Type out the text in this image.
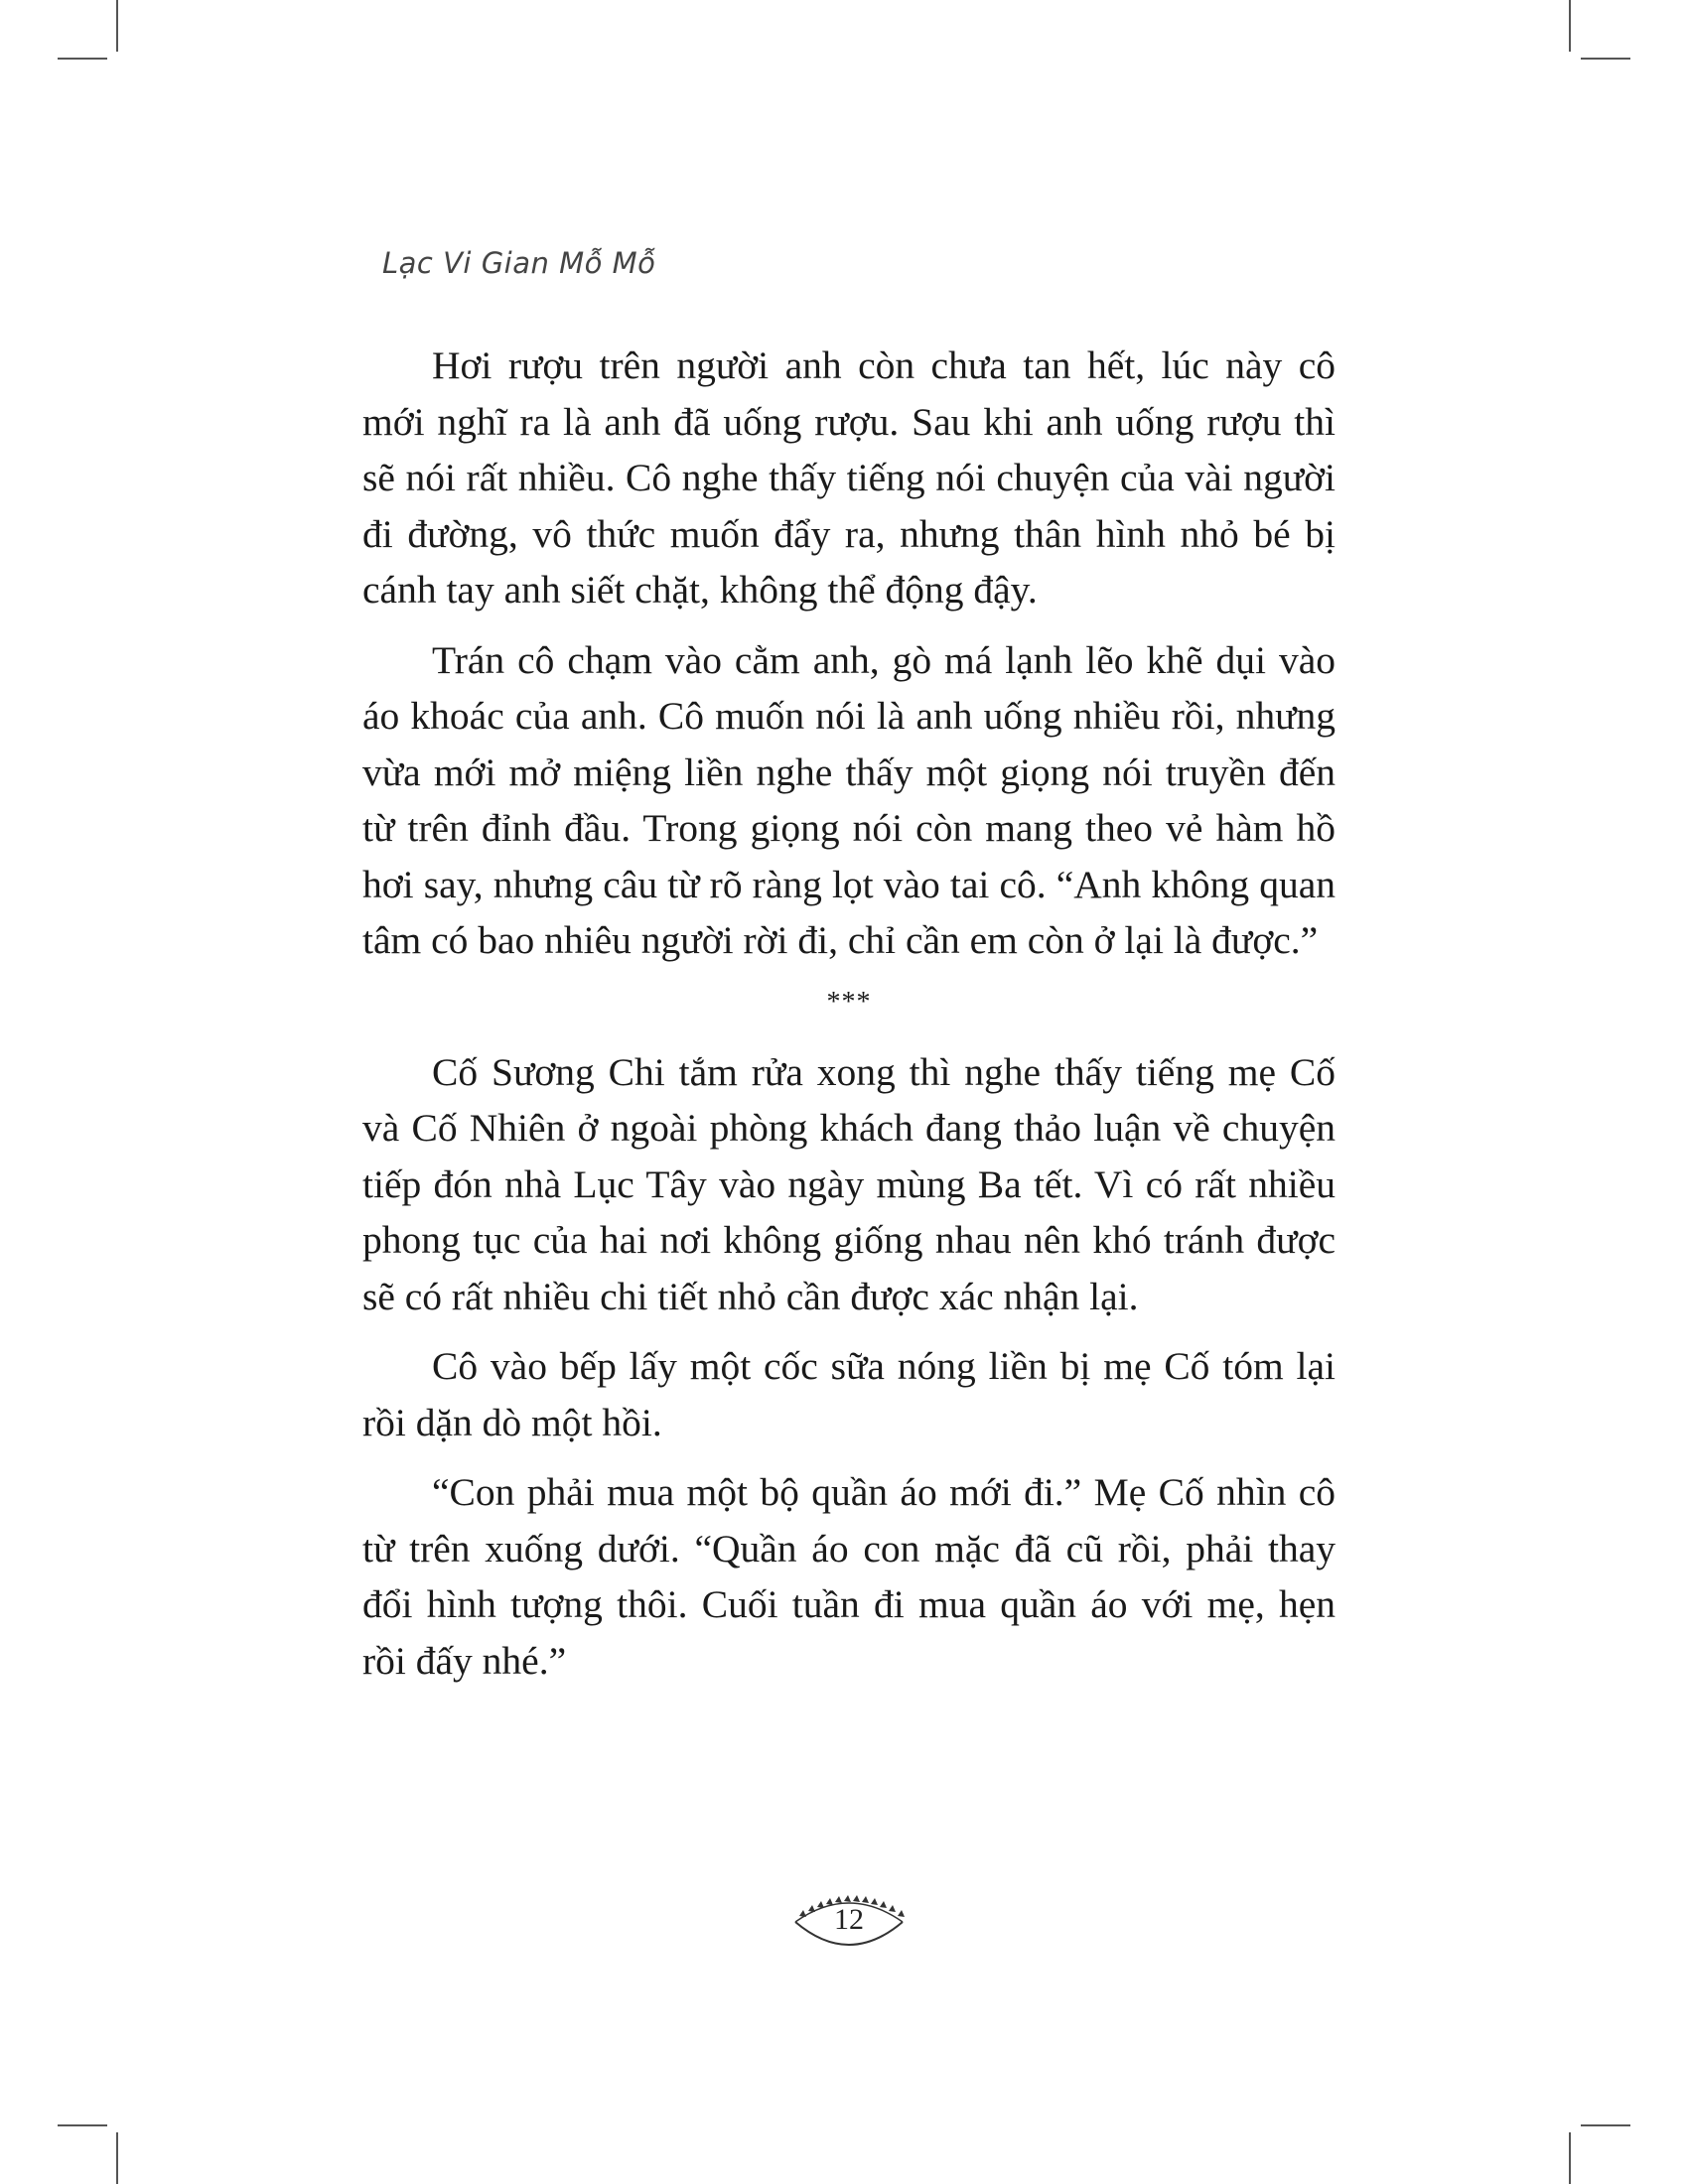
Lạc Vi Gian Mỗ Mỗ

Hơi rượu trên người anh còn chưa tan hết, lúc này cô mới nghĩ ra là anh đã uống rượu. Sau khi anh uống rượu thì sẽ nói rất nhiều. Cô nghe thấy tiếng nói chuyện của vài người đi đường, vô thức muốn đẩy ra, nhưng thân hình nhỏ bé bị cánh tay anh siết chặt, không thể động đậy.

Trán cô chạm vào cằm anh, gò má lạnh lẽo khẽ dụi vào áo khoác của anh. Cô muốn nói là anh uống nhiều rồi, nhưng vừa mới mở miệng liền nghe thấy một giọng nói truyền đến từ trên đỉnh đầu. Trong giọng nói còn mang theo vẻ hàm hồ hơi say, nhưng câu từ rõ ràng lọt vào tai cô. “Anh không quan tâm có bao nhiêu người rời đi, chỉ cần em còn ở lại là được.”

***

Cố Sương Chi tắm rửa xong thì nghe thấy tiếng mẹ Cố và Cố Nhiên ở ngoài phòng khách đang thảo luận về chuyện tiếp đón nhà Lục Tây vào ngày mùng Ba tết. Vì có rất nhiều phong tục của hai nơi không giống nhau nên khó tránh được sẽ có rất nhiều chi tiết nhỏ cần được xác nhận lại.

Cô vào bếp lấy một cốc sữa nóng liền bị mẹ Cố tóm lại rồi dặn dò một hồi.

“Con phải mua một bộ quần áo mới đi.” Mẹ Cố nhìn cô từ trên xuống dưới. “Quần áo con mặc đã cũ rồi, phải thay đổi hình tượng thôi. Cuối tuần đi mua quần áo với mẹ, hẹn rồi đấy nhé.”

12
